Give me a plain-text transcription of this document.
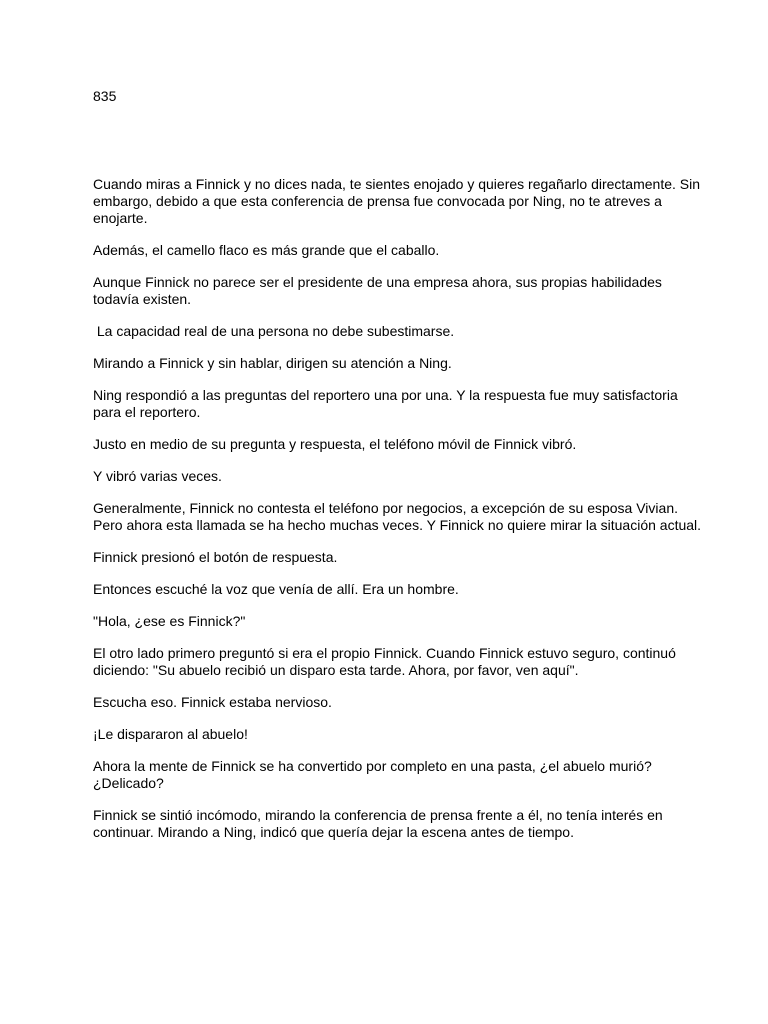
835

Cuando miras a Finnick y no dices nada, te sientes enojado y quieres regañarlo directamente. Sin embargo, debido a que esta conferencia de prensa fue convocada por Ning, no te atreves a enojarte.

Además, el camello flaco es más grande que el caballo.

Aunque Finnick no parece ser el presidente de una empresa ahora, sus propias habilidades todavía existen.

La capacidad real de una persona no debe subestimarse.

Mirando a Finnick y sin hablar, dirigen su atención a Ning.

Ning respondió a las preguntas del reportero una por una. Y la respuesta fue muy satisfactoria para el reportero.

Justo en medio de su pregunta y respuesta, el teléfono móvil de Finnick vibró.

Y vibró varias veces.

Generalmente, Finnick no contesta el teléfono por negocios, a excepción de su esposa Vivian. Pero ahora esta llamada se ha hecho muchas veces. Y Finnick no quiere mirar la situación actual.

Finnick presionó el botón de respuesta.

Entonces escuché la voz que venía de allí. Era un hombre.

"Hola, ¿ese es Finnick?"

El otro lado primero preguntó si era el propio Finnick. Cuando Finnick estuvo seguro, continuó diciendo: "Su abuelo recibió un disparo esta tarde. Ahora, por favor, ven aquí".

Escucha eso. Finnick estaba nervioso.

¡Le dispararon al abuelo!

Ahora la mente de Finnick se ha convertido por completo en una pasta, ¿el abuelo murió? ¿Delicado?

Finnick se sintió incómodo, mirando la conferencia de prensa frente a él, no tenía interés en continuar. Mirando a Ning, indicó que quería dejar la escena antes de tiempo.
